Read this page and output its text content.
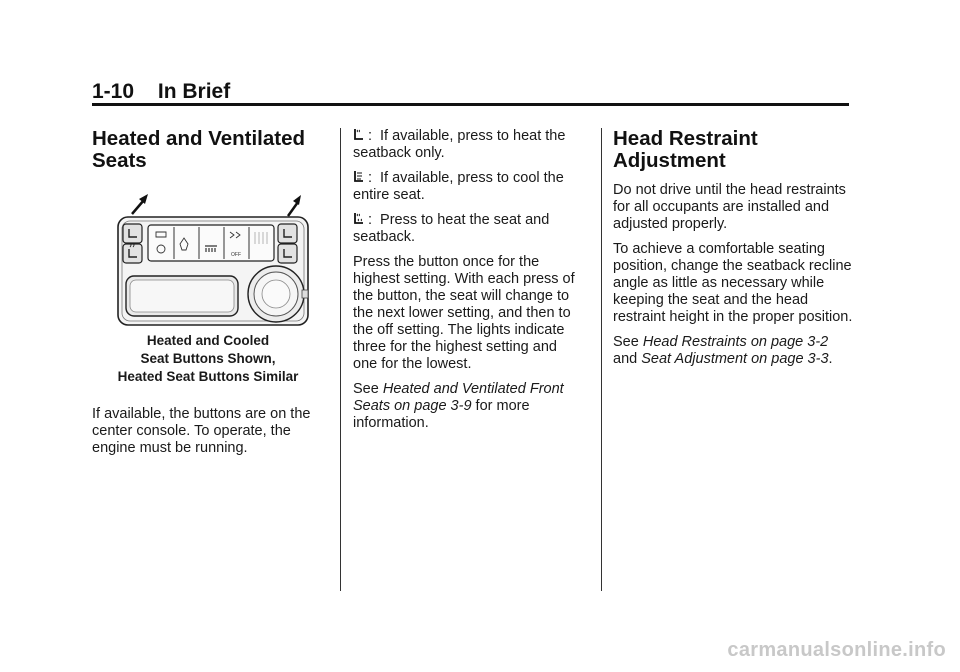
1-10 In Brief
Heated and Ventilated Seats
OFF
Heated and Cooled
Seat Buttons Shown,
Heated Seat Buttons Similar

If available, the buttons are on the center console. To operate, the engine must be running.

: If available, press to heat the seatback only.

: If available, press to cool the entire seat.

: Press to heat the seat and seatback.

Press the button once for the highest setting. With each press of the button, the seat will change to the next lower setting, and then to the off setting. The lights indicate three for the highest setting and one for the lowest.

See Heated and Ventilated Front Seats on page 3-9 for more information.

Head Restraint Adjustment

Do not drive until the head restraints for all occupants are installed and adjusted properly.

To achieve a comfortable seating position, change the seatback recline angle as little as necessary while keeping the seat and the head restraint height in the proper position.

See Head Restraints on page 3-2 and Seat Adjustment on page 3-3.

carmanualsonline.info
